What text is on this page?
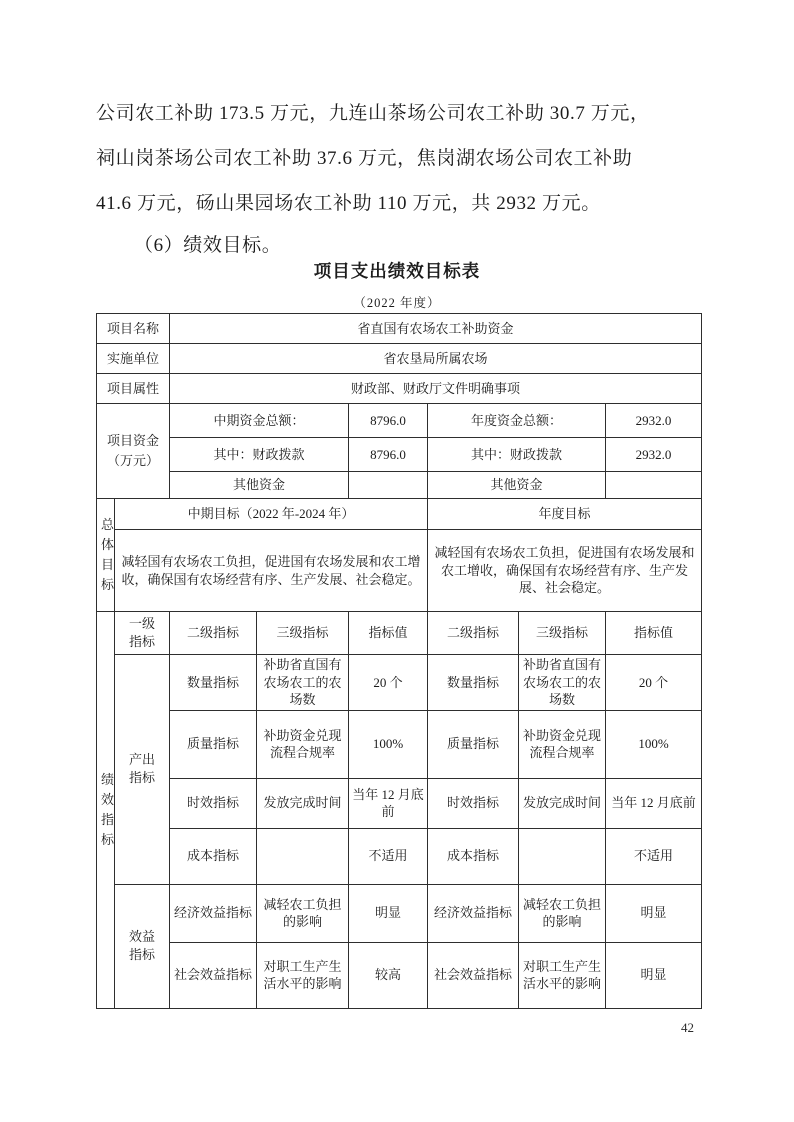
公司农工补助 173.5 万元，九连山茶场公司农工补助 30.7 万元，
祠山岗茶场公司农工补助 37.6 万元，焦岗湖农场公司农工补助
41.6 万元，砀山果园场农工补助 110 万元，共 2932 万元。
（6）绩效目标。
项目支出绩效目标表
（2022 年度）
项目名称		省直国有农场农工补助资金					
实施单位		省农垦局所属农场					
项目属性		财政部、财政厅文件明确事项					

项目资金（万元）		中期资金总额：		8796.0	年度资金总额：		2932.0
		其中：财政拨款		8796.0	其中：财政拨款		2932.0
		其他资金			其他资金		

总体目标	中期目标（2022 年-2024 年）				年度目标		
	减轻国有农场农工负担，促进国有农场发展和农工增收，确保国有农场经营有序、生产发展、社会稳定。				减轻国有农场农工负担，促进国有农场发展和农工增收，确保国有农场经营有序、生产发展、社会稳定。		

绩效指标	一级指标	二级指标	三级指标	指标值	二级指标	三级指标	指标值

	产出指标	数量指标	补助省直国有农场农工的农场数	20 个	数量指标	补助省直国有农场农工的农场数	20 个
		质量指标	补助资金兑现流程合规率	100%	质量指标	补助资金兑现流程合规率	100%
		时效指标	发放完成时间	当年 12 月底前	时效指标	发放完成时间	当年 12 月底前
		成本指标		不适用	成本指标		不适用

	效益指标	经济效益指标	减轻农工负担的影响	明显	经济效益指标	减轻农工负担的影响	明显
		社会效益指标	对职工生产生活水平的影响	较高	社会效益指标	对职工生产生活水平的影响	明显
42
